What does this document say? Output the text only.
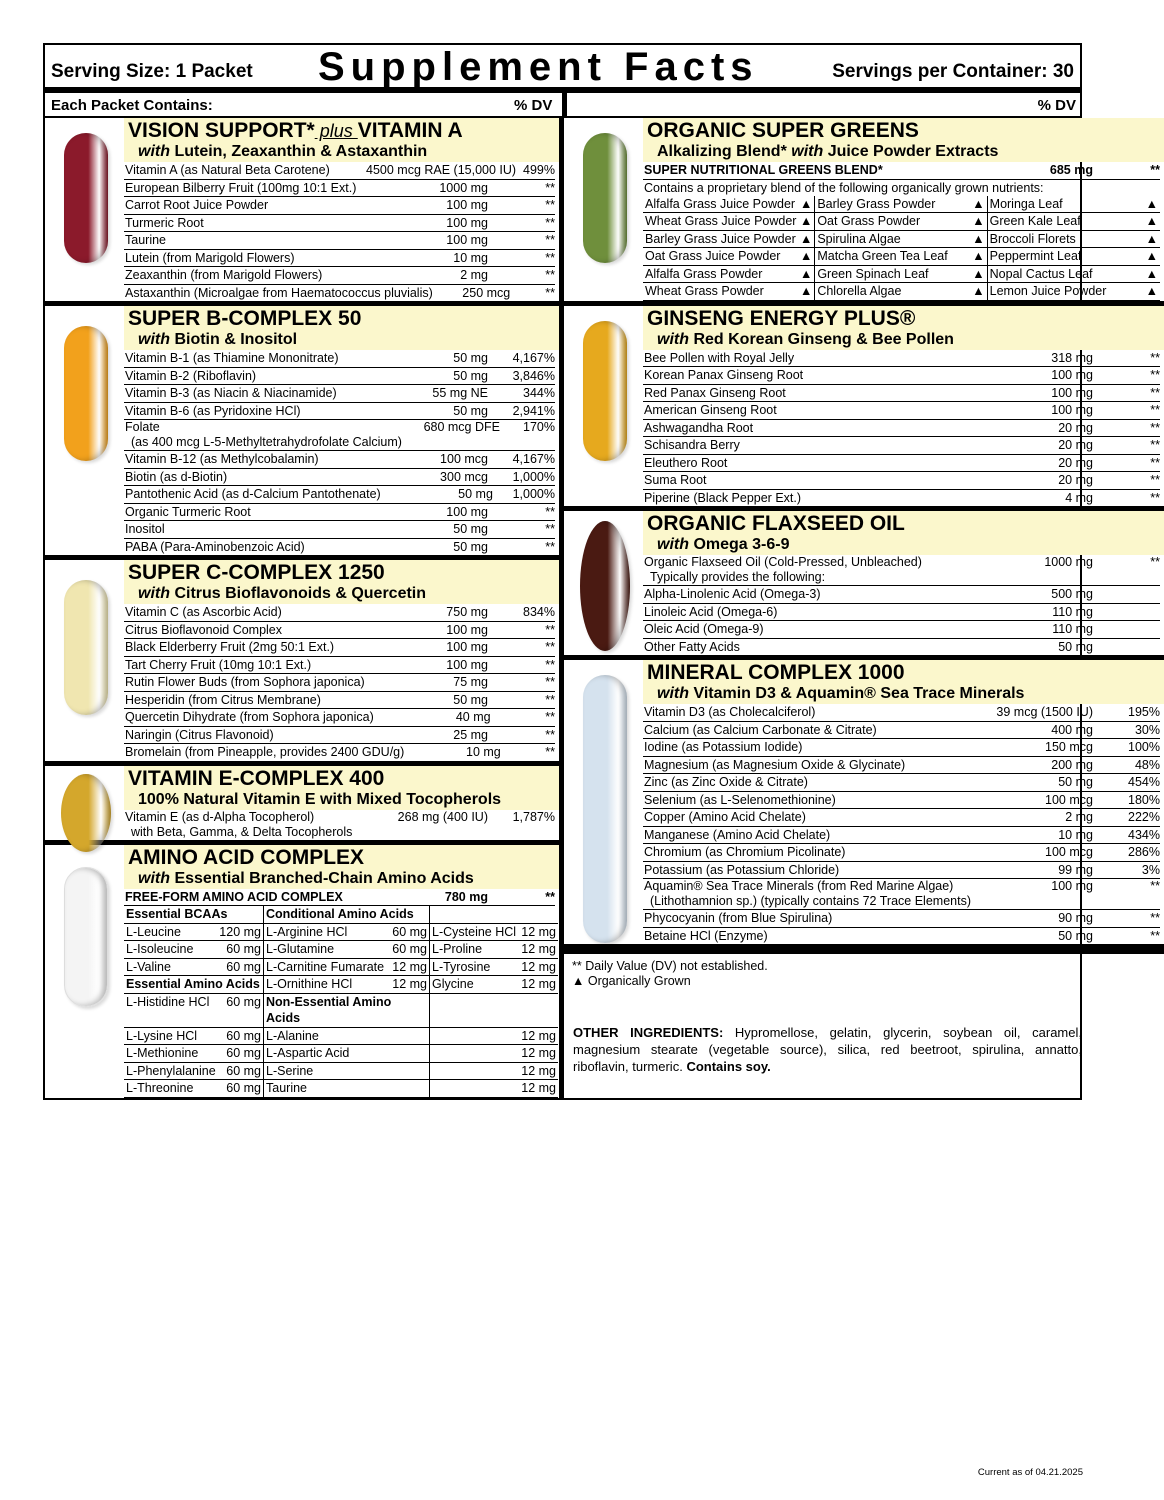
Serving Size: 1 Packet Supplement Facts	Servings per Container: 30
Each Packet Contains:	% DV	% DV
VISION SUPPORT* plus VITAMIN A
with Lutein, Zeaxanthin & Astaxanthin
Vitamin A (as Natural Beta Carotene)	4500 mcg RAE (15,000 IU) 499%
European Bilberry Fruit (100mg 10:1 Ext.)	1000 mg	**
Carrot Root Juice Powder	100 mg	**
Turmeric Root	100 mg	**
Taurine	100 mg	**
Lutein (from Marigold Flowers)	10 mg	**
Zeaxanthin (from Marigold Flowers)	2 mg	**
Astaxanthin (Microalgae from Haematococcus pluvialis)	250 mcg	**
SUPER B-COMPLEX 50
with Biotin & Inositol
Vitamin B-1 (as Thiamine Mononitrate)	50 mg	4,167%
Vitamin B-2 (Riboflavin)	50 mg	3,846%
Vitamin B-3 (as Niacin & Niacinamide)	55 mg NE	344%
Vitamin B-6 (as Pyridoxine HCl)	50 mg	2,941%
Folate
(as 400 mcg L-5-Methyltetrahydrofolate Calcium)
680 mcg DFE	170%
Vitamin B-12 (as Methylcobalamin)	100 mcg	4,167%
Biotin (as d-Biotin)	300 mcg	1,000%
Pantothenic Acid (as d-Calcium Pantothenate)	50 mg	1,000%
Organic Turmeric Root	100 mg	**
Inositol	50 mg	**
PABA (Para-Aminobenzoic Acid)	50 mg	**
SUPER C-COMPLEX 1250
with Citrus Bioflavonoids & Quercetin
Vitamin C (as Ascorbic Acid)	750 mg	834%
Citrus Bioflavonoid Complex	100 mg	**
Black Elderberry Fruit (2mg 50:1 Ext.)	100 mg	**
Tart Cherry Fruit (10mg 10:1 Ext.)	100 mg	**
Rutin Flower Buds (from Sophora japonica)	75 mg	**
Hesperidin (from Citrus Membrane)	50 mg	**
Quercetin Dihydrate (from Sophora japonica)	40 mg	**
Naringin (Citrus Flavonoid)	25 mg	**
Bromelain (from Pineapple, provides 2400 GDU/g)	10 mg	**
VITAMIN E-COMPLEX 400
100% Natural Vitamin E with Mixed Tocopherols
Vitamin E (as d-Alpha Tocopherol)
with Beta, Gamma, & Delta Tocopherols
268 mg (400 IU)	1,787%
AMINO ACID COMPLEX
with Essential Branched-Chain Amino Acids
FREE-FORM AMINO ACID COMPLEX	780 mg	**
Essential BCAAs	Conditional Amino Acids
L-Leucine	120 mg L-Arginine HCl	60 mg L-Cysteine HCl 12 mg
L-Isoleucine	60 mg L-Glutamine	60 mg L-Proline	12 mg
L-Valine	60 mg L-Carnitine Fumarate 12 mg L-Tyrosine	12 mg
Essential Amino Acids L-Ornithine HCl	12 mg Glycine	12 mg
L-Histidine HCl	60 mg Non-Essential Amino Acids
L-Lysine HCl	60 mg L-Alanine	12 mg
L-Methionine	60 mg L-Aspartic Acid	12 mg
L-Phenylalanine 60 mg L-Serine	12 mg
L-Threonine	60 mg Taurine	12 mg
ORGANIC SUPER GREENS
Alkalizing Blend* with Juice Powder Extracts
SUPER NUTRITIONAL GREENS BLEND*	685 mg	**
Contains a proprietary blend of the following organically grown nutrients:
Alfalfa Grass Juice Powder ▲ Barley Grass Powder	▲ Moringa Leaf	▲
Wheat Grass Juice Powder ▲ Oat Grass Powder	▲ Green Kale Leaf	▲
Barley Grass Juice Powder ▲ Spirulina Algae	▲ Broccoli Florets	▲
Oat Grass Juice Powder	▲ Matcha Green Tea Leaf	▲ Peppermint Leaf	▲
Alfalfa Grass Powder	▲ Green Spinach Leaf	▲ Nopal Cactus Leaf	▲
Wheat Grass Powder	▲ Chlorella Algae	▲ Lemon Juice Powder	▲
GINSENG ENERGY PLUS®
with Red Korean Ginseng & Bee Pollen
Bee Pollen with Royal Jelly	318 mg	**
Korean Panax Ginseng Root	100 mg	**
Red Panax Ginseng Root	100 mg	**
American Ginseng Root	100 mg	**
Ashwagandha Root	20 mg	**
Schisandra Berry	20 mg	**
Eleuthero Root	20 mg	**
Suma Root	20 mg	**
Piperine (Black Pepper Ext.)	4 mg	**
ORGANIC FLAXSEED OIL
with Omega 3-6-9
Organic Flaxseed Oil (Cold-Pressed, Unbleached)
Typically provides the following:
1000 mg	**
Alpha-Linolenic Acid (Omega-3)	500 mg
Linoleic Acid (Omega-6)	110 mg
Oleic Acid (Omega-9)	110 mg
Other Fatty Acids	50 mg
MINERAL COMPLEX 1000
with Vitamin D3 & Aquamin® Sea Trace Minerals
Vitamin D3 (as Cholecalciferol)	39 mcg (1500 IU)	195%
Calcium (as Calcium Carbonate & Citrate)	400 mg	30%
Iodine (as Potassium Iodide)	150 mcg	100%
Magnesium (as Magnesium Oxide & Glycinate)	200 mg	48%
Zinc (as Zinc Oxide & Citrate)	50 mg	454%
Selenium (as L-Selenomethionine)	100 mcg	180%
Copper (Amino Acid Chelate)	2 mg	222%
Manganese (Amino Acid Chelate)	10 mg	434%
Chromium (as Chromium Picolinate)	100 mcg	286%
Potassium (as Potassium Chloride)	99 mg	3%
Aquamin® Sea Trace Minerals (from Red Marine Algae)
(Lithothamnion sp.) (typically contains 72 Trace Elements)
100 mg	**
Phycocyanin (from Blue Spirulina)	90 mg	**
Betaine HCl (Enzyme)	50 mg	**
** Daily Value (DV) not established.
▲ Organically Grown
OTHER INGREDIENTS: Hypromellose, gelatin, glycerin, soybean oil, caramel, magnesium stearate (vegetable source), silica, red beetroot, spirulina, annatto, riboflavin, turmeric. Contains soy.
Current as of 04.21.2025
